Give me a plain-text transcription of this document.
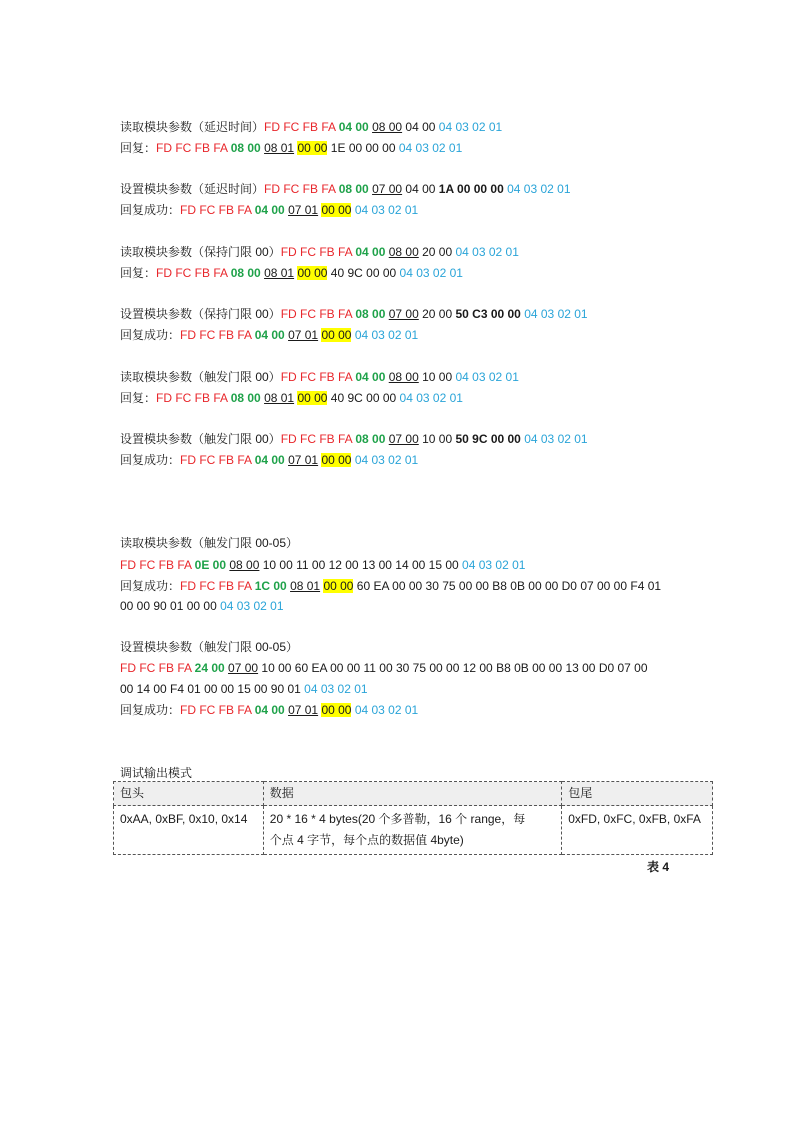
读取模块参数（延迟时间）FD FC FB FA 04 00 08 00 04 00 04 03 02 01
回复：FD FC FB FA 08 00 08 01 00 00 1E 00 00 00 04 03 02 01
设置模块参数（延迟时间）FD FC FB FA 08 00 07 00 04 00 1A 00 00 00 04 03 02 01
回复成功：FD FC FB FA 04 00 07 01 00 00 04 03 02 01
读取模块参数（保持门限 00）FD FC FB FA 04 00 08 00 20 00 04 03 02 01
回复：FD FC FB FA 08 00 08 01 00 00 40 9C 00 00 04 03 02 01
设置模块参数（保持门限 00）FD FC FB FA 08 00 07 00 20 00 50 C3 00 00 04 03 02 01
回复成功：FD FC FB FA 04 00 07 01 00 00 04 03 02 01
读取模块参数（触发门限 00）FD FC FB FA 04 00 08 00 10 00 04 03 02 01
回复：FD FC FB FA 08 00 08 01 00 00 40 9C 00 00 04 03 02 01
设置模块参数（触发门限 00）FD FC FB FA 08 00 07 00 10 00 50 9C 00 00 04 03 02 01
回复成功：FD FC FB FA 04 00 07 01 00 00 04 03 02 01
读取模块参数（触发门限 00-05）
FD FC FB FA 0E 00 08 00 10 00 11 00 12 00 13 00 14 00 15 00 04 03 02 01
回复成功：FD FC FB FA 1C 00 08 01 00 00 60 EA 00 00 30 75 00 00 B8 0B 00 00 D0 07 00 00 F4 01
00 00 90 01 00 00 04 03 02 01
设置模块参数（触发门限 00-05）
FD FC FB FA 24 00 07 00 10 00 60 EA 00 00 11 00 30 75 00 00 12 00 B8 0B 00 00 13 00 D0 07 00
00 14 00 F4 01 00 00 15 00 90 01 04 03 02 01
回复成功：FD FC FB FA 04 00 07 01 00 00 04 03 02 01
调试输出模式
包头	数据	包尾
0xAA, 0xBF, 0x10, 0x14	20 * 16 * 4 bytes(20 个多普勒，16 个 range，每
个点 4 字节，每个点的数据值 4byte)	0xFD, 0xFC, 0xFB, 0xFA
表 4
